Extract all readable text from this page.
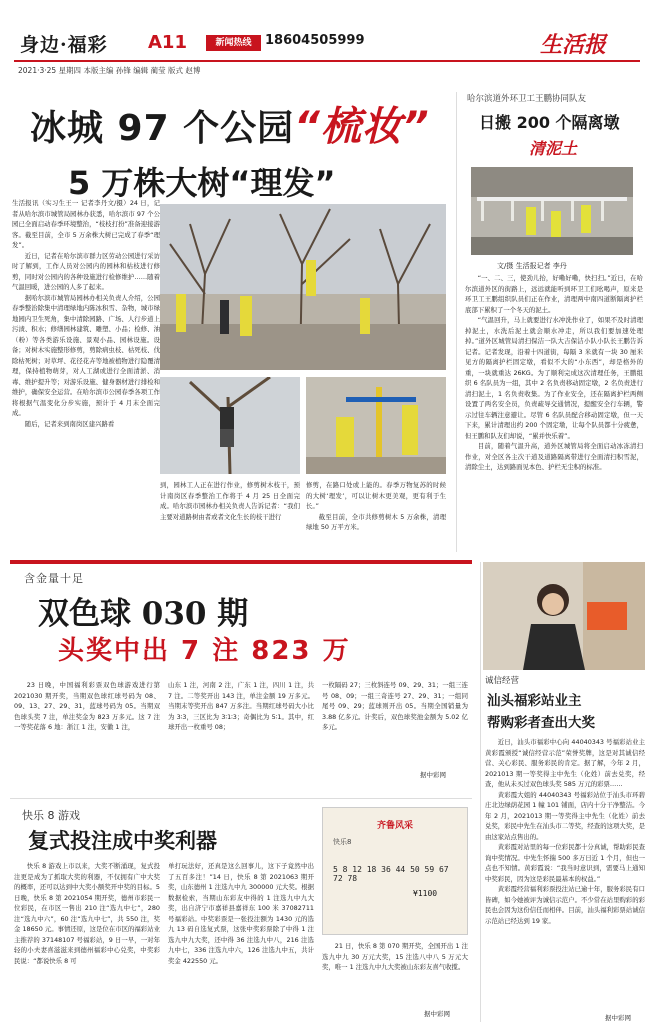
身边·福彩 A11	新闻热线	18604505999	生活报
2021·3·25 星期四 本版主编 孙锋 编辑 蔺莹 版式 赵博
冰城 97 个公园“梳妆”
5 万株大树“理发”

生活报讯（实习生王一 记者李丹文/摄）24 日，记者从哈尔滨市城管局园林办获悉，哈尔滨市 97 个公园已全面启动春季环境整治，“枝枝打扮”准备迎接游客。截至目前，全市 5 万余株大树已完成了春季“理发”。

近日，记者在哈尔滨市群力区劳动公园进行采访时了解到，工作人员对公园内的园林和枯枝进行修剪，同时对公园内的各种设施进行检修维护……随着气温回暖，进公园的人多了起来。

据哈尔滨市城管局园林办相关负责人介绍，公园春季整治除集中清理绿地内陈冰积雪、杂物，城市绿地园内卫生死角，集中清除园路、广场、人行步道上污渍、积水；修缮园林建筑、雕塑、小品；检修、油（粉）等各类游乐设施、景观小品、园林设施。设备；对树木实施整形修剪，剪除病虫枝、枯死枝、伐除枯死树；对草坪、花径花卉等地被植物进行隐覆清理，保持植物萌芽，对人工湖或进行全面清淤、消毒、维护提升等；对游乐设施、健身器材进行排检和维护，确保安全运营。在哈尔滨市公园春季各项工作将根据气温变化分步实施，预计于 4 月末全面完成。

随后，记者来到南岗区建兴路看

到，园林工人正在进行作业，修剪树木枝干，预计南岗区春季整治工作将于 4 月 25 日全面完成。哈尔滨市园林办相关负责人告诉记者：“我们主要对道路树由者或者文化生长的枝干进行

修剪，在路口处或上能的。春季万物复苏的时候的大树‘理发’，可以让树木更美观，更有利于生长。”

截至目前，全市共修剪树木 5 万余株，清理绿地 50 万平方米。

哈尔滨道外环卫工王鹏协同队友
日搬 200 个隔离墩
清泥土
文/摄 生活报记者 李丹

“一、二、三，使劲儿抬，好嘞好嘞，快扫扫。”近日，在哈尔滨道外区的街路上，远远就能听到环卫工们吆喝声，原来是环卫工王鹏组织队员们正在作业，清理两中南四道断隔离护栏底部下累积了一个冬天的泥土。

“气温回升，马上就要进行水冲洗作业了，如果不及时清理掉泥土，水洗后泥土就会顺水冲走，所以我们要加速处理掉。”道外区城管局清扫保洁一队大吉保洁小队小队长王鹏告诉记者。记者发现，沿着十四道街，每隔 3 米就有一块 30 厘米见方的隔离护栏固定墩，看似不大的“小东西”，却是格外的重，一块就重达 26KG。为了顺利完成这次清理任务，王鹏组织 6 名队员为一组，其中 2 名负责移动固定墩，2 名负责进行清扫泥土，1 名负责收集。为了作业安全，还在隔离护栏两侧设置了两名安全员，负责疏导交通情况，提醒安全行车辆，警示过往车辆注意避让。尽管 6 名队员配合移动固定墩，但一天下来，累计清理出约 200 个固定墩，让每个队员都十分疲惫，但王鹏和队友们却说，“累并快乐着”。

目前，随着气温升高，道外区城管局将全面启动冰冻清扫作业，对全区各主次干道及道路隔离带进行全面清扫积雪泥，清除尘土，达到路面见本色、护栏无尘积的标准。

含金量十足
双色球 030 期
头奖中出 7 注 823 万

23 日晚，中国福利彩票双色球游戏进行第 2021030 期开奖，当期双色球红球号码为 08、09、13、27、29、31，蓝球号码为 05。当期双色球头奖 7 注，单注奖金为 823 万多元。这 7 注一等奖花落 6 地：浙江 1 注，安徽 1 注，

山东 1 注，河南 2 注，广东 1 注，四川 1 注，共 7 注。二等奖开出 143 注，单注金额 19 万多元。当期末等奖开出 847 万多注。当期红球号码大小比为 3∶3，三区比为 3∶1∶3；奇偶比为 5∶1。其中，红球开出一枚重号 08；

一枚隔码 27；三枚斜连号 09、29、31；一组三连号 08、09；一组三奇连号 27、29、31；一组同尾号 09、29；蓝球则开出 05。当期全国销量为 3.88 亿多元。计奖后，双色球奖池金额为 5.02 亿多元。

据中彩网
诚信经营
汕头福彩站业主
帮购彩者查出大奖

近日，汕头市福彩中心向 44040343 号福彩站业主黄彩霞颁授“诚信经营示范”荣誉奖牌，这是对其诚信经营、关心彩民、服务彩民的肯定。据了解，今年 2 月，2021013 期一等奖得主中先生（化姓）前去兑奖，经查，他从未买过双色球头奖 585 万元的彩票……

黄彩霞大姐的 44040343 号福彩站位于汕头市环碧庄北边绿荫花园 1 幢 101 铺面，店内十分干净整洁。今年 2 月，2021013 期一等奖得主中先生（化姓）前去兑奖，彩民中先生在汕头市二等奖，经查的这项大奖，是由这家站点售出的。

黄彩霞对站里的每一位彩民都十分真诚，帮助彩民查询中奖情况。中先生怀揣 500 多万日近 1 个月，但也一点也不知情。黄彩霞说：“我当时意识到，需要马上通知中奖彩民，因为这是彩民最基本的权益。”

黄彩霞经营福利彩票投注站已逾十年，服务彩民有口皆碑，如今她被评为诚信示范户。不少常在站里购彩的彩民也会因为这份信任而相伴。目前，汕头福利彩票站诚信示范站已经达到 19 家。

据中彩网
快乐 8 游戏
复式投注成中奖利器

快乐 8 游戏上市以来，大奖不断涌现，复式投注更是成为了抓取大奖的利器，不仅拥有广中大奖的概率，还可以达到中大奖小额奖开中奖的目标。5 日晚，快乐 8 第 2021054 期开奖，德州市彩民一位彩民，在市区一售出 210 注“选九中七”，280 注“选九中六”，60 注“选九中七”，共 550 注，奖金 18650 元。事情还原，这是位在市区的福彩站业主推荐的 37148107 号福彩站，9 日一早，一对年轻的小夫妻喜滋滋来到德州福彩中心兑奖，中奖彩民说：“都说快乐 8 可

单打玩法好，还真是这么回事儿，这下子竟然中出了五百多注！”14 日，快乐 8 第 2021063 期开奖，山东德州 1 注选九中九 300000 元大奖。根据数据检索，当期山东彩友中得的 1 注选九中九大奖，出自济宁市嘉祥县嘉祥东 100 米 37082711 号福彩站。中奖彩票是一张投注额为 1430 元的选九 13 码自选复式票，这张中奖彩票除了中得 1 注选九中九大奖，还中得 36 注选九中八，216 注选九中七，336 注选九中六，126 注选九中五，共计奖金 422550 元。

齐鲁风采
快乐8
5 8 12 18 36 44 50 59 67 72 78
¥1100

21 日，快乐 8 第 070 期开奖，全国开出 1 注选九中九 30 万元大奖，15 注选八中八 5 万元大奖，唯一 1 注选九中九大奖被山东彩友喜气收揽。

据中彩网
